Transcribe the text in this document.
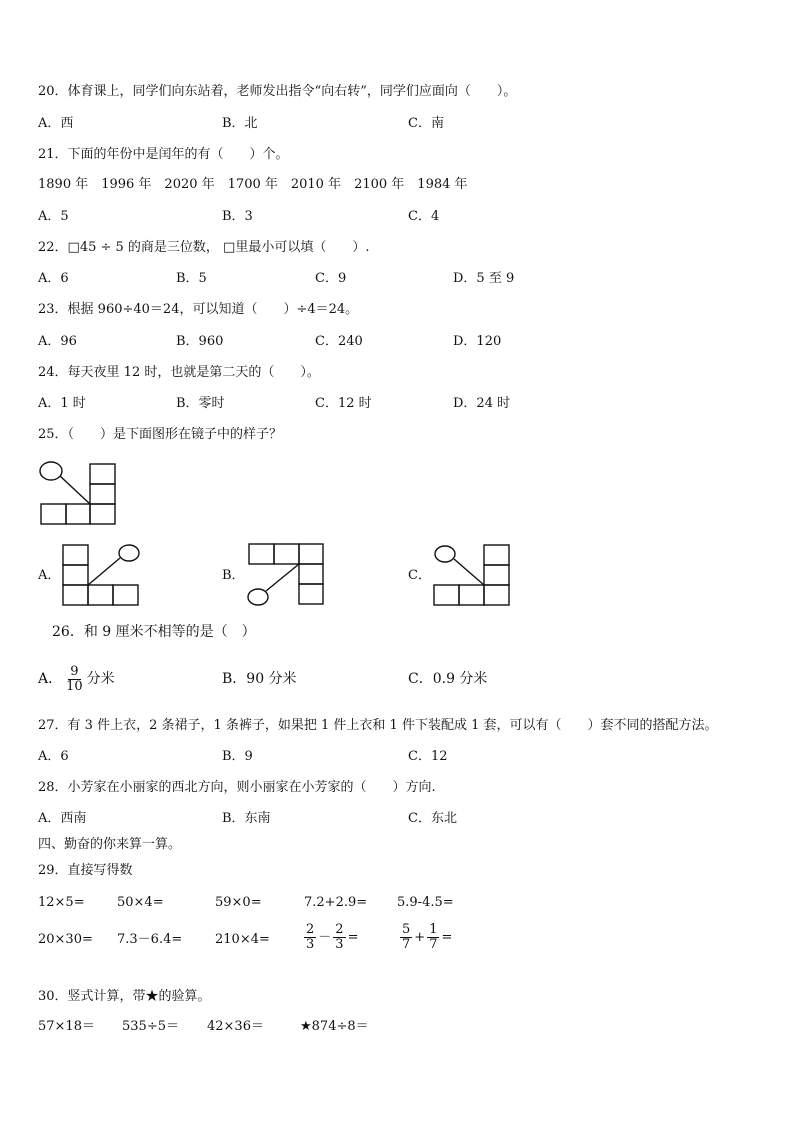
20．体育课上，同学们向东站着，老师发出指令“向右转”，同学们应面向（　　）。
A．西	B．北	C．南
21．下面的年份中是闰年的有（　　）个。
1890 年　1996 年　2020 年　1700 年　2010 年　2100 年　1984 年
A．5	B．3	C．4
22．□45 ÷ 5 的商是三位数， □里最小可以填（　　）.
A．6	B．5	C．9	D．5 至 9
23．根据 960÷40＝24，可以知道（　　）÷4＝24。
A．96	B．960	C．240	D．120
24．每天夜里 12 时，也就是第二天的（　　）。
A．1 时	B．零时	C．12 时	D．24 时
25．（　　）是下面图形在镜子中的样子？
A．	B．	C．
26．和 9 厘米不相等的是（　）
A． $\frac{9}{10}$ 分米	B．90 分米	C．0.9 分米
27．有 3 件上衣，2 条裙子，1 条裤子，如果把 1 件上衣和 1 件下装配成 1 套，可以有（　　）套不同的搭配方法。
A．6	B．9	C．12
28．小芳家在小丽家的西北方向，则小丽家在小芳家的（　　）方向.
A．西南	B．东南	C．东北
四、勤奋的你来算一算。
29．直接写得数
12×5= 50×4=	59×0=	7.2+2.9= 5.9-4.5=
20×30= 7.3－6.4=	210×4=	$\frac{2}{3} - \frac{2}{3}$ =	$\frac{5}{7} + \frac{1}{7}$ =
30．竖式计算，带★的验算。
57×18＝ 535÷5＝ 42×36＝	★874÷8＝
